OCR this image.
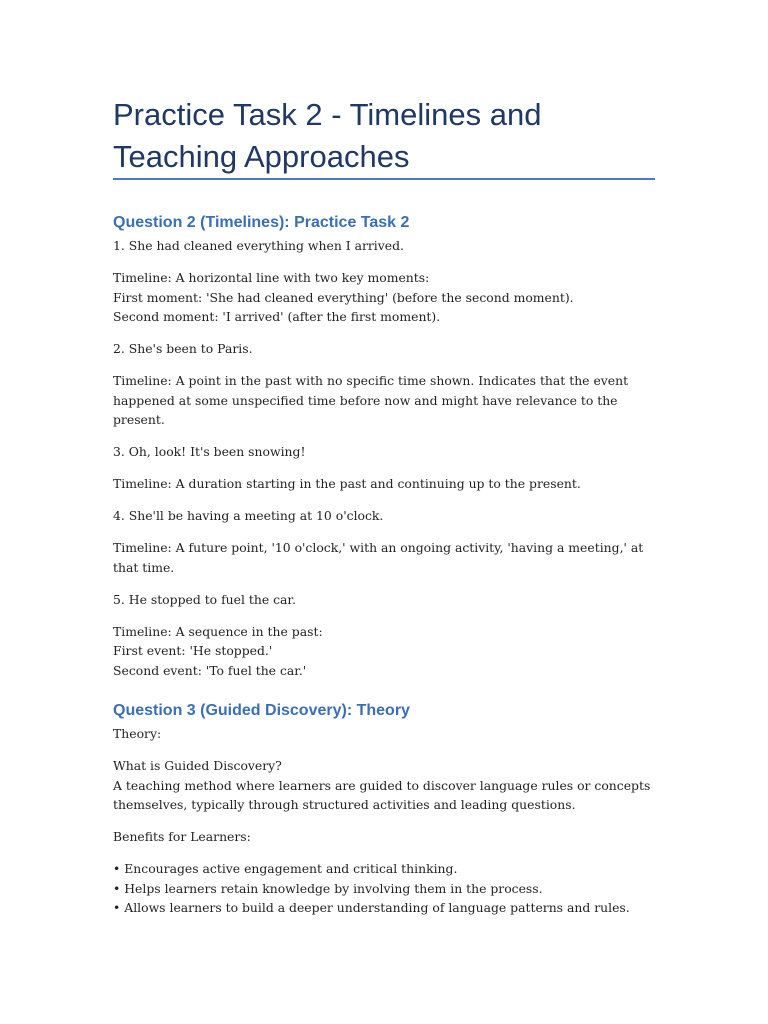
Practice Task 2 - Timelines and Teaching Approaches
Question 2 (Timelines): Practice Task 2

1. She had cleaned everything when I arrived.

Timeline: A horizontal line with two key moments:

First moment: 'She had cleaned everything' (before the second moment).

Second moment: 'I arrived' (after the first moment).

2. She's been to Paris.

Timeline: A point in the past with no specific time shown. Indicates that the event happened at some unspecified time before now and might have relevance to the present.

3. Oh, look! It's been snowing!

Timeline: A duration starting in the past and continuing up to the present.

4. She'll be having a meeting at 10 o'clock.

Timeline: A future point, '10 o'clock,' with an ongoing activity, 'having a meeting,' at that time.

5. He stopped to fuel the car.

Timeline: A sequence in the past:

First event: 'He stopped.'

Second event: 'To fuel the car.'

Question 3 (Guided Discovery): Theory

Theory:

What is Guided Discovery?

A teaching method where learners are guided to discover language rules or concepts themselves, typically through structured activities and leading questions.

Benefits for Learners:

• Encourages active engagement and critical thinking.

• Helps learners retain knowledge by involving them in the process.

• Allows learners to build a deeper understanding of language patterns and rules.
